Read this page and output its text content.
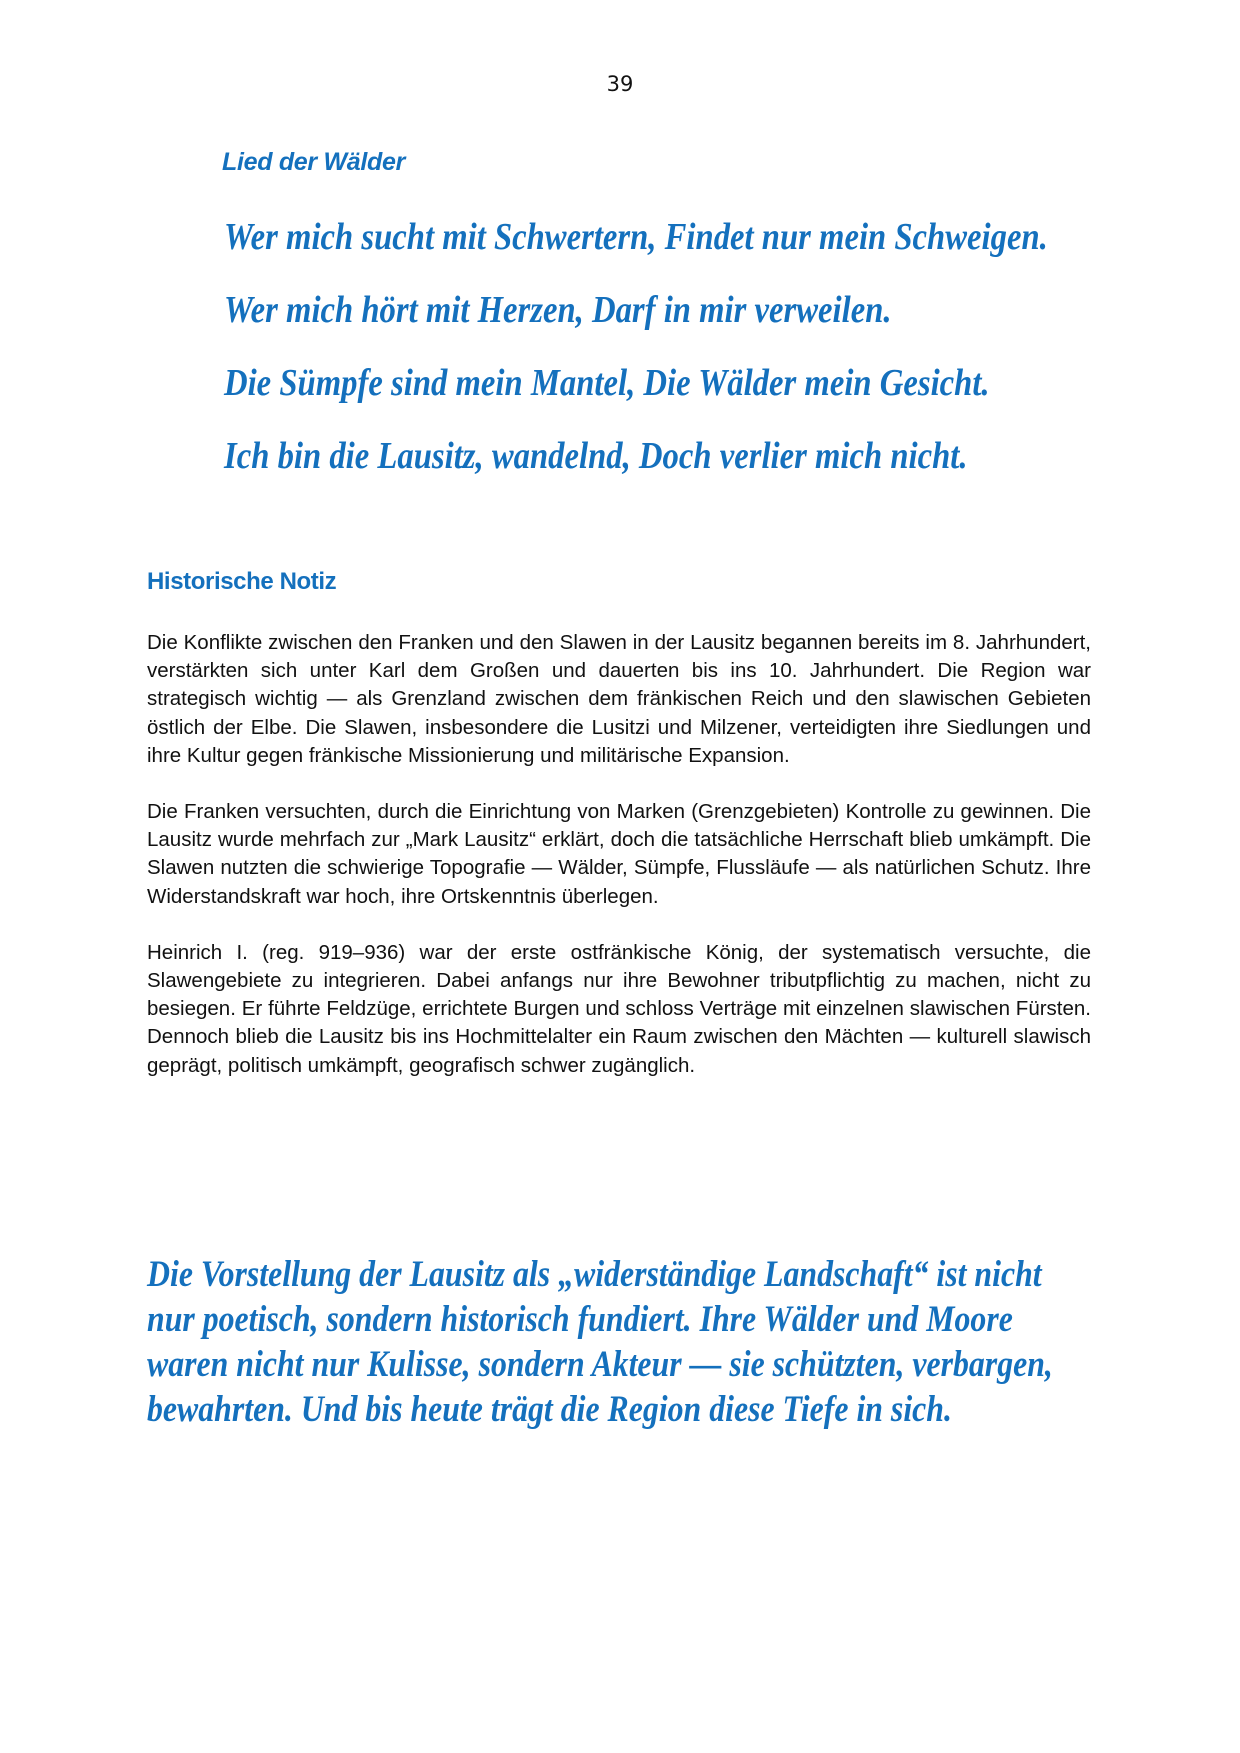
39
Lied der Wälder
Wer mich sucht mit Schwertern, Findet nur mein Schweigen.
Wer mich hört mit Herzen, Darf in mir verweilen.
Die Sümpfe sind mein Mantel, Die Wälder mein Gesicht.
Ich bin die Lausitz, wandelnd, Doch verlier mich nicht.
Historische Notiz

Die Konflikte zwischen den Franken und den Slawen in der Lausitz begannen bereits im 8. Jahrhundert, verstärkten sich unter Karl dem Großen und dauerten bis ins 10. Jahrhundert. Die Region war strategisch wichtig — als Grenzland zwischen dem fränkischen Reich und den slawischen Gebieten östlich der Elbe. Die Slawen, insbesondere die Lusitzi und Milzener, verteidigten ihre Siedlungen und ihre Kultur gegen fränkische Missionierung und militärische Expansion.

Die Franken versuchten, durch die Einrichtung von Marken (Grenzgebieten) Kontrolle zu gewinnen. Die Lausitz wurde mehrfach zur „Mark Lausitz“ erklärt, doch die tatsächliche Herrschaft blieb umkämpft. Die Slawen nutzten die schwierige Topografie — Wälder, Sümpfe, Flussläufe — als natürlichen Schutz. Ihre Widerstandskraft war hoch, ihre Ortskenntnis überlegen.

Heinrich I. (reg. 919–936) war der erste ostfränkische König, der systematisch versuchte, die Slawengebiete zu integrieren. Dabei anfangs nur ihre Bewohner tributpflichtig zu machen, nicht zu besiegen. Er führte Feldzüge, errichtete Burgen und schloss Verträge mit einzelnen slawischen Fürsten. Dennoch blieb die Lausitz bis ins Hochmittelalter ein Raum zwischen den Mächten — kulturell slawisch geprägt, politisch umkämpft, geografisch schwer zugänglich.

Die Vorstellung der Lausitz als „widerständige Landschaft“ ist nicht nur poetisch, sondern historisch fundiert. Ihre Wälder und Moore waren nicht nur Kulisse, sondern Akteur — sie schützten, verbargen, bewahrten. Und bis heute trägt die Region diese Tiefe in sich.
